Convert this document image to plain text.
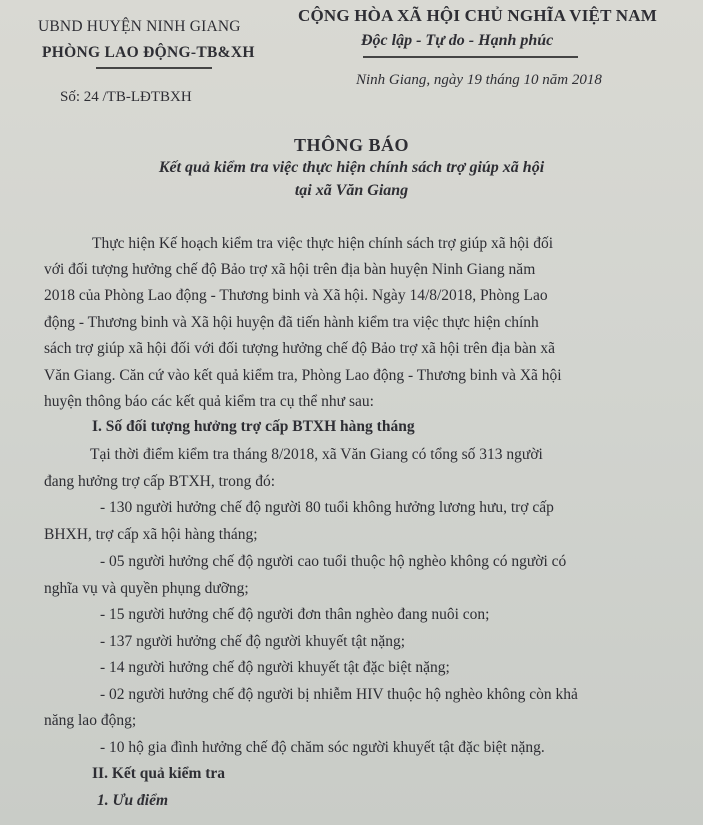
UBND HUYỆN NINH GIANG
PHÒNG LAO ĐỘNG-TB&XH
CỘNG HÒA XÃ HỘI CHỦ NGHĨA VIỆT NAM
Độc lập - Tự do - Hạnh phúc
Số: 24 /TB-LĐTBXH
Ninh Giang, ngày 19 tháng 10 năm 2018
THÔNG BÁO
Kết quả kiểm tra việc thực hiện chính sách trợ giúp xã hội
tại xã Văn Giang
Thực hiện Kế hoạch kiểm tra việc thực hiện chính sách trợ giúp xã hội đối
với đối tượng hưởng chế độ Bảo trợ xã hội trên địa bàn huyện Ninh Giang năm
2018 của Phòng Lao động - Thương binh và Xã hội. Ngày 14/8/2018, Phòng Lao
động - Thương binh và Xã hội huyện đã tiến hành kiểm tra việc thực hiện chính
sách trợ giúp xã hội đối với đối tượng hưởng chế độ Bảo trợ xã hội trên địa bàn xã
Văn Giang. Căn cứ vào kết quả kiểm tra, Phòng Lao động - Thương binh và Xã hội
huyện thông báo các kết quả kiểm tra cụ thể như sau:
I. Số đối tượng hưởng trợ cấp BTXH hàng tháng
Tại thời điểm kiểm tra tháng 8/2018, xã Văn Giang có tổng số 313 người
đang hưởng trợ cấp BTXH, trong đó:
- 130 người hưởng chế độ người 80 tuổi không hưởng lương hưu, trợ cấp
BHXH, trợ cấp xã hội hàng tháng;
- 05 người hưởng chế độ người cao tuổi thuộc hộ nghèo không có người có
nghĩa vụ và quyền phụng dưỡng;
- 15 người hưởng chế độ người đơn thân nghèo đang nuôi con;
- 137 người hưởng chế độ người khuyết tật nặng;
- 14 người hưởng chế độ người khuyết tật đặc biệt nặng;
- 02 người hưởng chế độ người bị nhiễm HIV thuộc hộ nghèo không còn khả
năng lao động;
- 10 hộ gia đình hưởng chế độ chăm sóc người khuyết tật đặc biệt nặng.
II. Kết quả kiểm tra
1. Ưu điểm
